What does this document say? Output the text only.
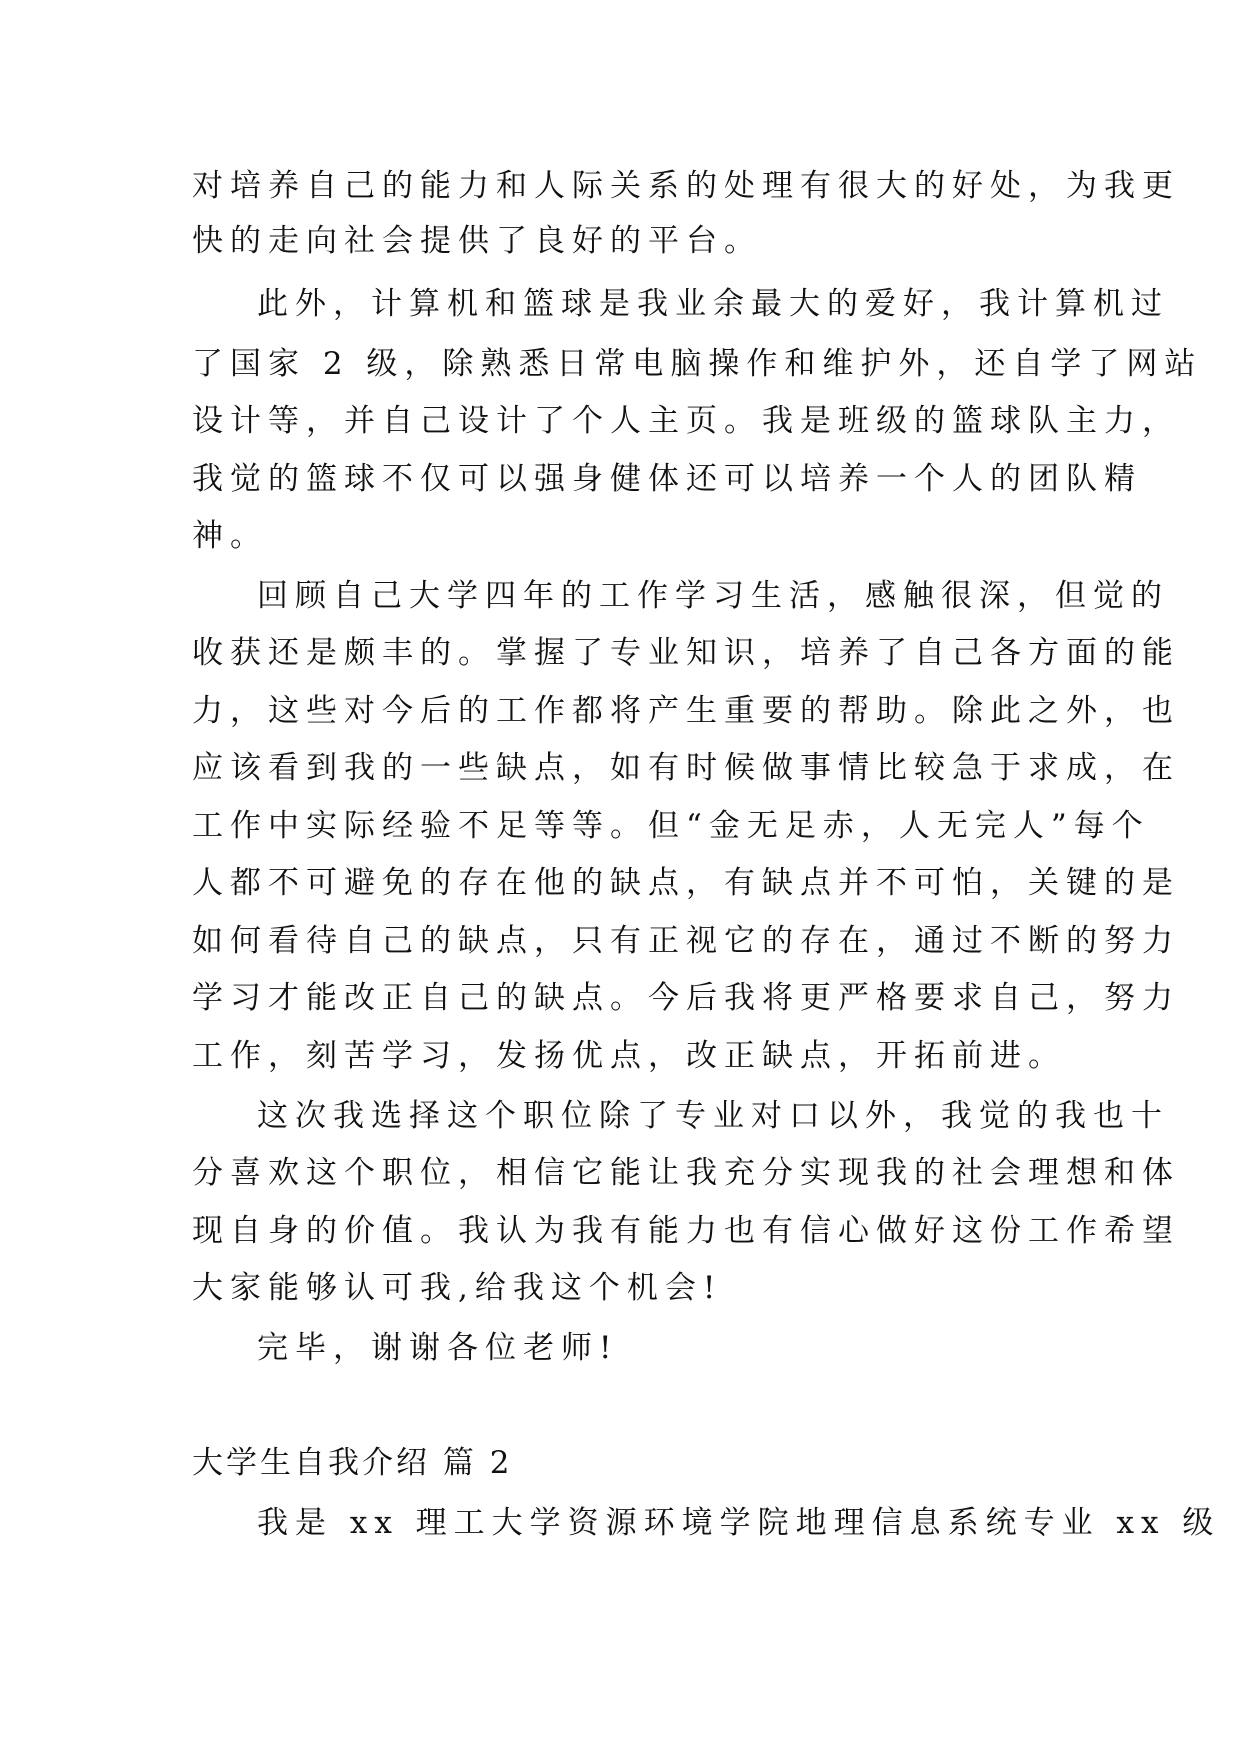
对培养自己的能力和人际关系的处理有很大的好处，为我更
快的走向社会提供了良好的平台。
此外，计算机和篮球是我业余最大的爱好，我计算机过
了国家 2 级，除熟悉日常电脑操作和维护外，还自学了网站
设计等，并自己设计了个人主页。我是班级的篮球队主力，
我觉的篮球不仅可以强身健体还可以培养一个人的团队精
神。
回顾自己大学四年的工作学习生活，感触很深，但觉的
收获还是颇丰的。掌握了专业知识，培养了自己各方面的能
力，这些对今后的工作都将产生重要的帮助。除此之外，也
应该看到我的一些缺点，如有时候做事情比较急于求成，在
工作中实际经验不足等等。但“金无足赤，人无完人”每个
人都不可避免的存在他的缺点，有缺点并不可怕，关键的是
如何看待自己的缺点，只有正视它的存在，通过不断的努力
学习才能改正自己的缺点。今后我将更严格要求自己，努力
工作，刻苦学习，发扬优点，改正缺点，开拓前进。
这次我选择这个职位除了专业对口以外，我觉的我也十
分喜欢这个职位，相信它能让我充分实现我的社会理想和体
现自身的价值。我认为我有能力也有信心做好这份工作希望
大家能够认可我,给我这个机会!
完毕，谢谢各位老师!
大学生自我介绍 篇 2
我是 xx 理工大学资源环境学院地理信息系统专业 xx 级
